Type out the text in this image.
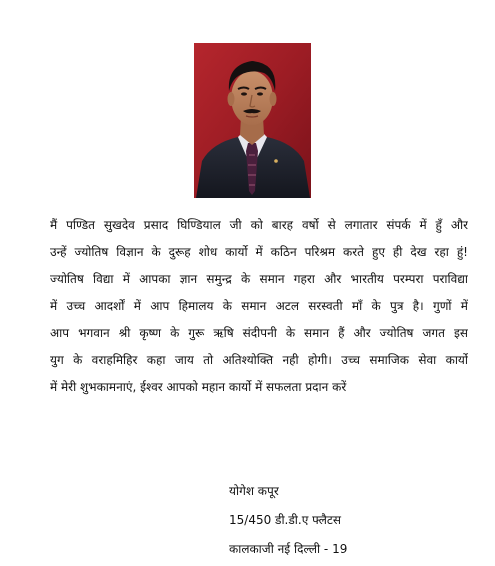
मैं पण्डित सुखदेव प्रसाद घिण्डियाल जी को बारह वर्षो से लगातार संपर्क में हुँ और
उन्हें ज्योतिष विज्ञान के दुरूह शोध कार्यो में कठिन परिश्रम करते हुए ही देख रहा हुं!
ज्योतिष विद्या में आपका ज्ञान समुन्द्र के समान गहरा और भारतीय परम्परा पराविद्या
में उच्च आदर्शों में आप हिमालय के समान अटल सरस्वती माँ के पुत्र है। गुणों में
आप भगवान श्री कृष्ण के गुरू ऋषि संदीपनी के समान हैं और ज्योतिष जगत इस
युग के वराहमिहिर कहा जाय तो अतिश्योक्ति नही होगी। उच्च समाजिक सेवा कार्यो
में मेरी शुभकामनाएं, ईश्वर आपको महान कार्यो में सफलता प्रदान करें
योगेश कपूर
15/450 डी.डी.ए फ्लैटस
कालकाजी नई दिल्ली - 19
